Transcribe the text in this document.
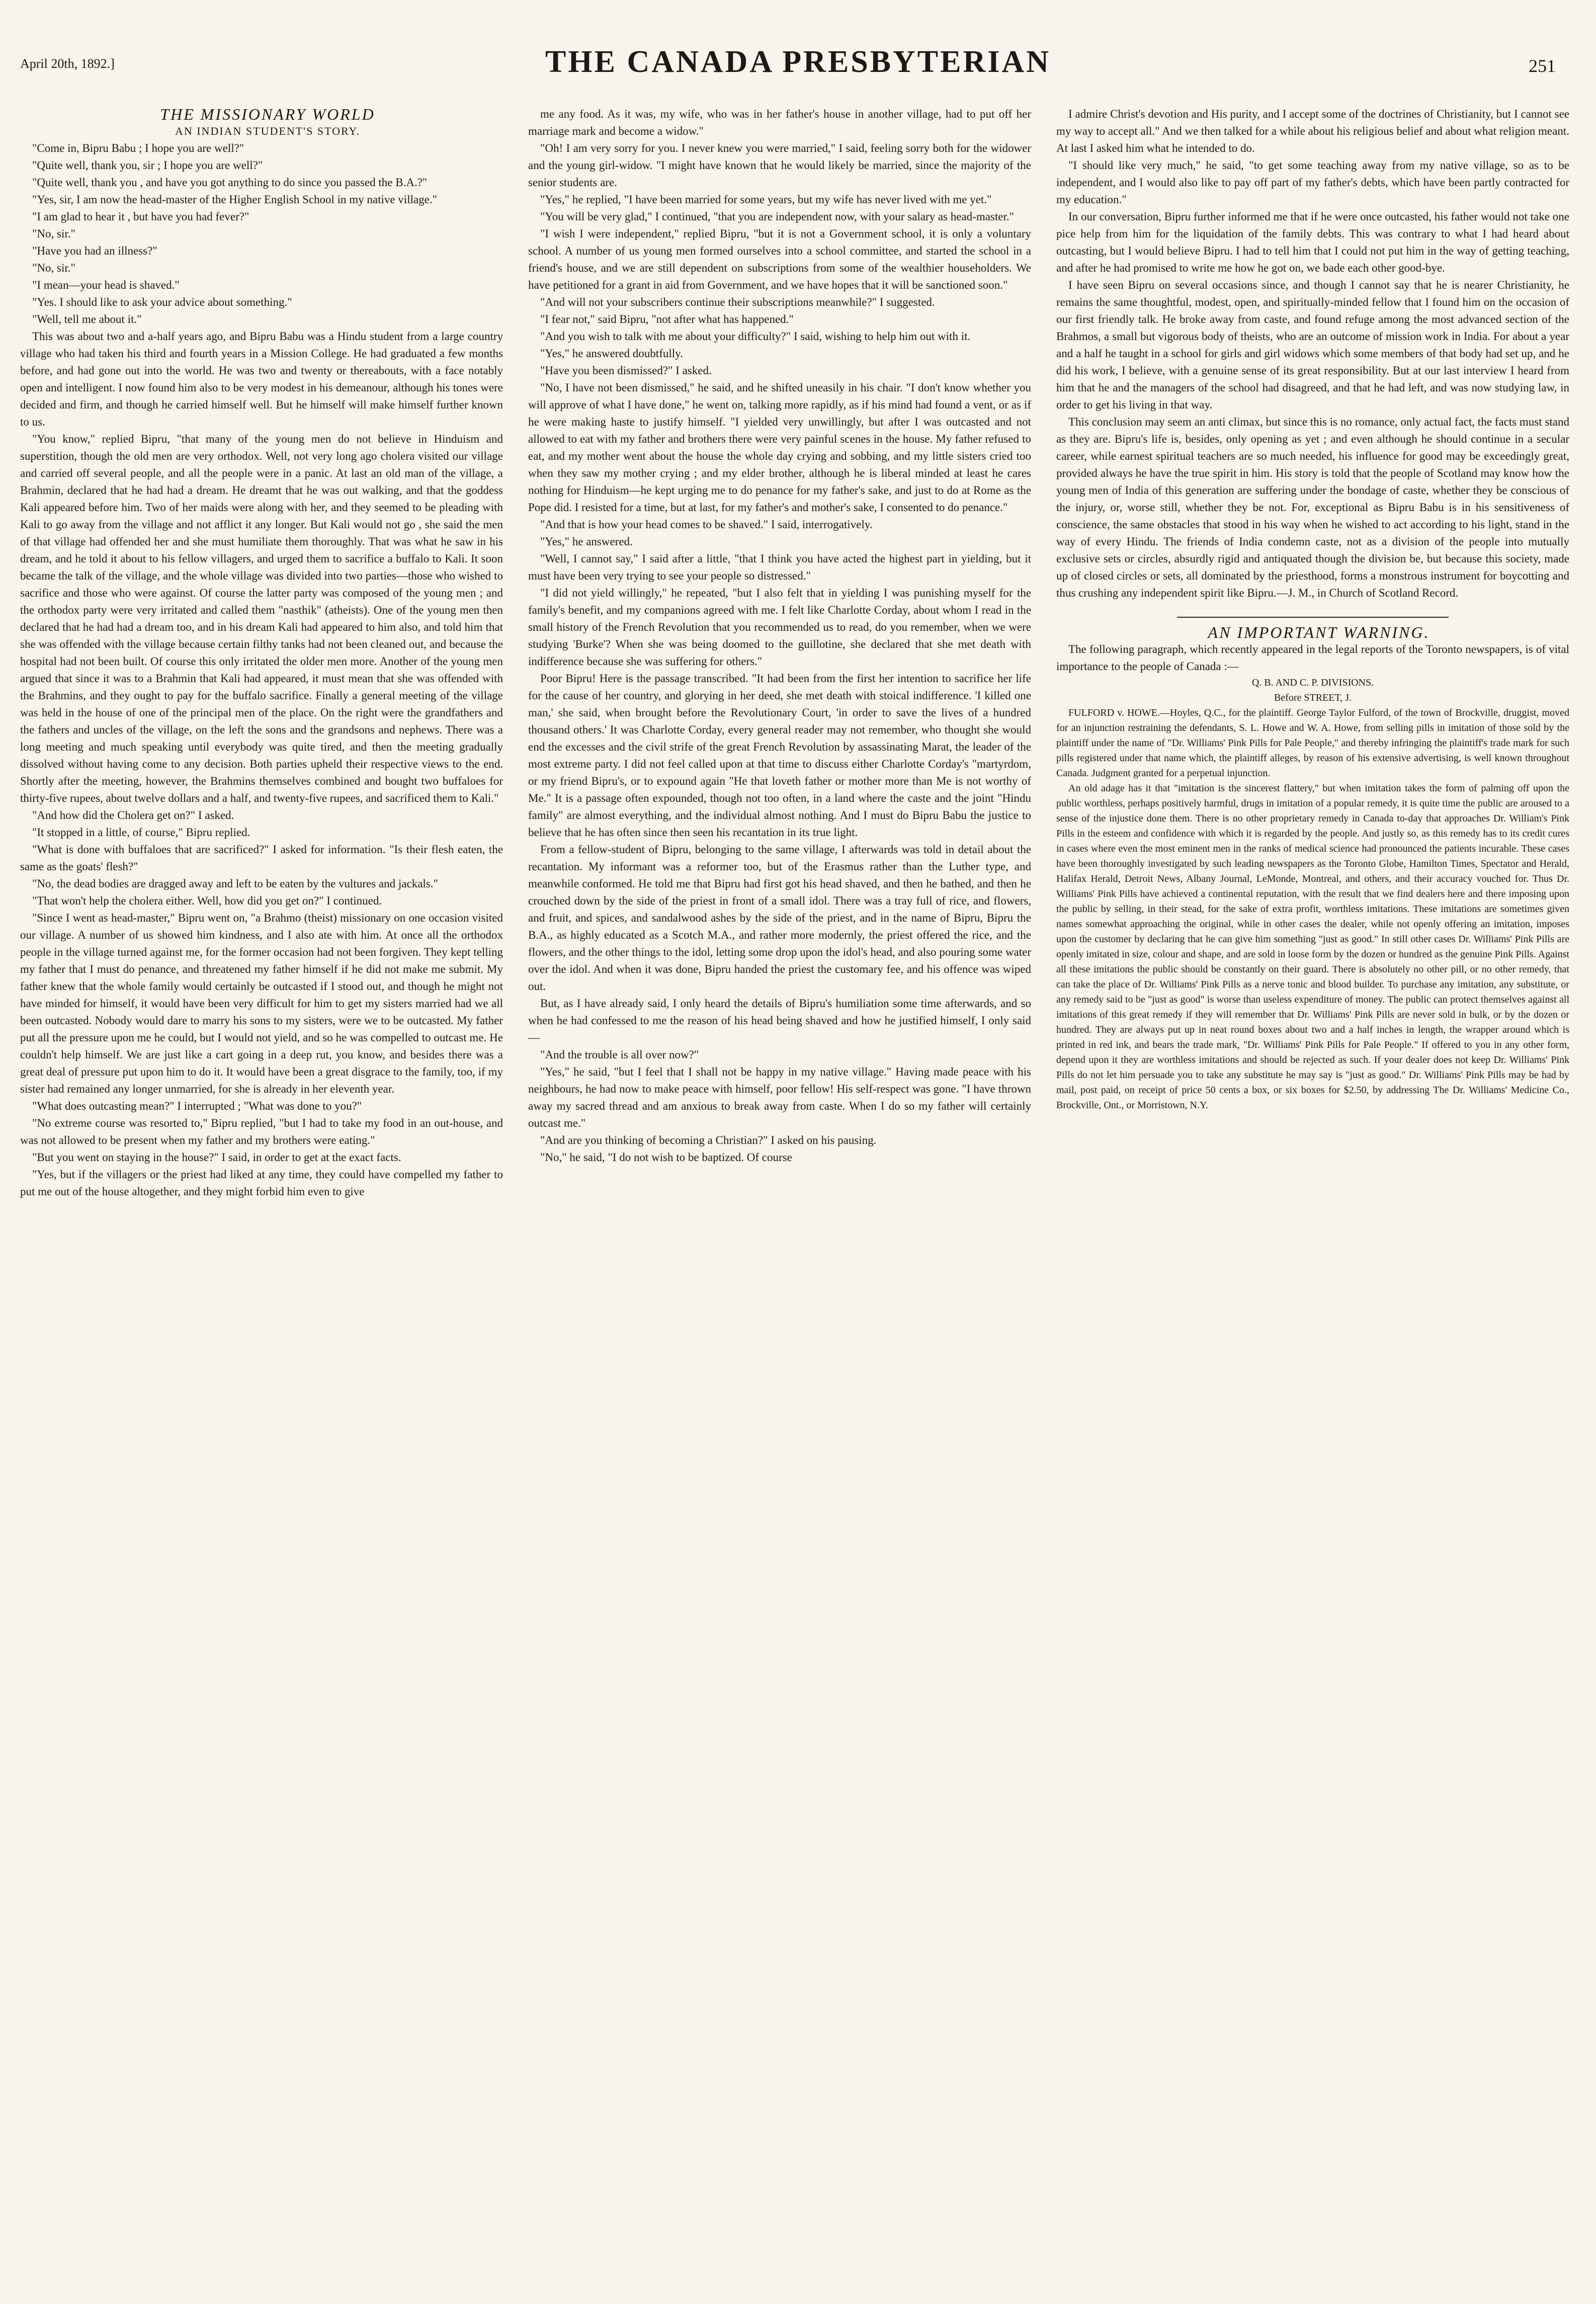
April 20th, 1892.]	THE CANADA PRESBYTERIAN	251

THE MISSIONARY WORLD

AN INDIAN STUDENT'S STORY.

"Come in, Bipru Babu ; I hope you are well?"

"Quite well, thank you, sir ; I hope you are well?"

"Quite well, thank you , and have you got anything to do since you passed the B.A.?"

"Yes, sir, I am now the head-master of the Higher English School in my native village."

"I am glad to hear it , but have you had fever?"

"No, sir."

"Have you had an illness?"

"No, sir."

"I mean—your head is shaved."

"Yes. I should like to ask your advice about something."

"Well, tell me about it."

This was about two and a-half years ago, and Bipru Babu was a Hindu student from a large country village who had taken his third and fourth years in a Mission College. He had graduated a few months before, and had gone out into the world. He was two and twenty or thereabouts, with a face notably open and intelligent. I now found him also to be very modest in his demeanour, although his tones were decided and firm, and though he carried himself well. But he himself will make himself further known to us.

"You know," replied Bipru, "that many of the young men do not believe in Hinduism and superstition, though the old men are very orthodox. Well, not very long ago cholera visited our village and carried off several people, and all the people were in a panic. At last an old man of the village, a Brahmin, declared that he had had a dream. He dreamt that he was out walking, and that the goddess Kali appeared before him. Two of her maids were along with her, and they seemed to be pleading with Kali to go away from the village and not afflict it any longer. But Kali would not go , she said the men of that village had offended her and she must humiliate them thoroughly. That was what he saw in his dream, and he told it about to his fellow villagers, and urged them to sacrifice a buffalo to Kali. It soon became the talk of the village, and the whole village was divided into two parties—those who wished to sacrifice and those who were against. Of course the latter party was composed of the young men ; and the orthodox party were very irritated and called them "nasthik" (atheists). One of the young men then declared that he had had a dream too, and in his dream Kali had appeared to him also, and told him that she was offended with the village because certain filthy tanks had not been cleaned out, and because the hospital had not been built. Of course this only irritated the older men more. Another of the young men argued that since it was to a Brahmin that Kali had appeared, it must mean that she was offended with the Brahmins, and they ought to pay for the buffalo sacrifice. Finally a general meeting of the village was held in the house of one of the principal men of the place. On the right were the grandfathers and the fathers and uncles of the village, on the left the sons and the grandsons and nephews. There was a long meeting and much speaking until everybody was quite tired, and then the meeting gradually dissolved without having come to any decision. Both parties upheld their respective views to the end. Shortly after the meeting, however, the Brahmins themselves combined and bought two buffaloes for thirty-five rupees, about twelve dollars and a half, and twenty-five rupees, and sacrificed them to Kali."

"And how did the Cholera get on?" I asked.

"It stopped in a little, of course," Bipru replied.

"What is done with buffaloes that are sacrificed?" I asked for information. "Is their flesh eaten, the same as the goats' flesh?"

"No, the dead bodies are dragged away and left to be eaten by the vultures and jackals."

"That won't help the cholera either. Well, how did you get on?" I continued.

"Since I went as head-master," Bipru went on, "a Brahmo (theist) missionary on one occasion visited our village. A number of us showed him kindness, and I also ate with him. At once all the orthodox people in the village turned against me, for the former occasion had not been forgiven. They kept telling my father that I must do penance, and threatened my father himself if he did not make me submit. My father knew that the whole family would certainly be outcasted if I stood out, and though he might not have minded for himself, it would have been very difficult for him to get my sisters married had we all been outcasted. Nobody would dare to marry his sons to my sisters, were we to be outcasted. My father put all the pressure upon me he could, but I would not yield, and so he was compelled to outcast me. He couldn't help himself. We are just like a cart going in a deep rut, you know, and besides there was a great deal of pressure put upon him to do it. It would have been a great disgrace to the family, too, if my sister had remained any longer unmarried, for she is already in her eleventh year.

"What does outcasting mean?" I interrupted ; "What was done to you?"

"No extreme course was resorted to," Bipru replied, "but I had to take my food in an out-house, and was not allowed to be present when my father and my brothers were eating."

"But you went on staying in the house?" I said, in order to get at the exact facts.

"Yes, but if the villagers or the priest had liked at any time, they could have compelled my father to put me out of the house altogether, and they might forbid him even to give

me any food. As it was, my wife, who was in her father's house in another village, had to put off her marriage mark and become a widow."

"Oh! I am very sorry for you. I never knew you were married," I said, feeling sorry both for the widower and the young girl-widow. "I might have known that he would likely be married, since the majority of the senior students are.

"Yes," he replied, "I have been married for some years, but my wife has never lived with me yet."

"You will be very glad," I continued, "that you are independent now, with your salary as head-master."

"I wish I were independent," replied Bipru, "but it is not a Government school, it is only a voluntary school. A number of us young men formed ourselves into a school committee, and started the school in a friend's house, and we are still dependent on subscriptions from some of the wealthier householders. We have petitioned for a grant in aid from Government, and we have hopes that it will be sanctioned soon."

"And will not your subscribers continue their subscriptions meanwhile?" I suggested.

"I fear not," said Bipru, "not after what has happened."

"And you wish to talk with me about your difficulty?" I said, wishing to help him out with it.

"Yes," he answered doubtfully.

"Have you been dismissed?" I asked.

"No, I have not been dismissed," he said, and he shifted uneasily in his chair. "I don't know whether you will approve of what I have done," he went on, talking more rapidly, as if his mind had found a vent, or as if he were making haste to justify himself. "I yielded very unwillingly, but after I was outcasted and not allowed to eat with my father and brothers there were very painful scenes in the house. My father refused to eat, and my mother went about the house the whole day crying and sobbing, and my little sisters cried too when they saw my mother crying ; and my elder brother, although he is liberal minded at least he cares nothing for Hinduism—he kept urging me to do penance for my father's sake, and just to do at Rome as the Pope did. I resisted for a time, but at last, for my father's and mother's sake, I consented to do penance."

"And that is how your head comes to be shaved." I said, interrogatively.

"Yes," he answered.

"Well, I cannot say," I said after a little, "that I think you have acted the highest part in yielding, but it must have been very trying to see your people so distressed."

"I did not yield willingly," he repeated, "but I also felt that in yielding I was punishing myself for the family's benefit, and my companions agreed with me. I felt like Charlotte Corday, about whom I read in the small history of the French Revolution that you recommended us to read, do you remember, when we were studying 'Burke'? When she was being doomed to the guillotine, she declared that she met death with indifference because she was suffering for others."

Poor Bipru! Here is the passage transcribed. "It had been from the first her intention to sacrifice her life for the cause of her country, and glorying in her deed, she met death with stoical indifference. 'I killed one man,' she said, when brought before the Revolutionary Court, 'in order to save the lives of a hundred thousand others.' It was Charlotte Corday, every general reader may not remember, who thought she would end the excesses and the civil strife of the great French Revolution by assassinating Marat, the leader of the most extreme party. I did not feel called upon at that time to discuss either Charlotte Corday's "martyrdom, or my friend Bipru's, or to expound again "He that loveth father or mother more than Me is not worthy of Me." It is a passage often expounded, though not too often, in a land where the caste and the joint "Hindu family" are almost everything, and the individual almost nothing. And I must do Bipru Babu the justice to believe that he has often since then seen his recantation in its true light.

From a fellow-student of Bipru, belonging to the same village, I afterwards was told in detail about the recantation. My informant was a reformer too, but of the Erasmus rather than the Luther type, and meanwhile conformed. He told me that Bipru had first got his head shaved, and then he bathed, and then he crouched down by the side of the priest in front of a small idol. There was a tray full of rice, and flowers, and fruit, and spices, and sandalwood ashes by the side of the priest, and in the name of Bipru, Bipru the B.A., as highly educated as a Scotch M.A., and rather more modernly, the priest offered the rice, and the flowers, and the other things to the idol, letting some drop upon the idol's head, and also pouring some water over the idol. And when it was done, Bipru handed the priest the customary fee, and his offence was wiped out.

But, as I have already said, I only heard the details of Bipru's humiliation some time afterwards, and so when he had confessed to me the reason of his head being shaved and how he justified himself, I only said—

"And the trouble is all over now?"

"Yes," he said, "but I feel that I shall not be happy in my native village." Having made peace with his neighbours, he had now to make peace with himself, poor fellow! His self-respect was gone. "I have thrown away my sacred thread and am anxious to break away from caste. When I do so my father will certainly outcast me."

"And are you thinking of becoming a Christian?" I asked on his pausing.

"No," he said, "I do not wish to be baptized. Of course

I admire Christ's devotion and His purity, and I accept some of the doctrines of Christianity, but I cannot see my way to accept all." And we then talked for a while about his religious belief and about what religion meant. At last I asked him what he intended to do.

"I should like very much," he said, "to get some teaching away from my native village, so as to be independent, and I would also like to pay off part of my father's debts, which have been partly contracted for my education."

In our conversation, Bipru further informed me that if he were once outcasted, his father would not take one pice help from him for the liquidation of the family debts. This was contrary to what I had heard about outcasting, but I would believe Bipru. I had to tell him that I could not put him in the way of getting teaching, and after he had promised to write me how he got on, we bade each other good-bye.

I have seen Bipru on several occasions since, and though I cannot say that he is nearer Christianity, he remains the same thoughtful, modest, open, and spiritually-minded fellow that I found him on the occasion of our first friendly talk. He broke away from caste, and found refuge among the most advanced section of the Brahmos, a small but vigorous body of theists, who are an outcome of mission work in India. For about a year and a half he taught in a school for girls and girl widows which some members of that body had set up, and he did his work, I believe, with a genuine sense of its great responsibility. But at our last interview I heard from him that he and the managers of the school had disagreed, and that he had left, and was now studying law, in order to get his living in that way.

This conclusion may seem an anti climax, but since this is no romance, only actual fact, the facts must stand as they are. Bipru's life is, besides, only opening as yet ; and even although he should continue in a secular career, while earnest spiritual teachers are so much needed, his influence for good may be exceedingly great, provided always he have the true spirit in him. His story is told that the people of Scotland may know how the young men of India of this generation are suffering under the bondage of caste, whether they be conscious of the injury, or, worse still, whether they be not. For, exceptional as Bipru Babu is in his sensitiveness of conscience, the same obstacles that stood in his way when he wished to act according to his light, stand in the way of every Hindu. The friends of India condemn caste, not as a division of the people into mutually exclusive sets or circles, absurdly rigid and antiquated though the division be, but because this society, made up of closed circles or sets, all dominated by the priesthood, forms a monstrous instrument for boycotting and thus crushing any independent spirit like Bipru.—J. M., in Church of Scotland Record.

AN IMPORTANT WARNING.

The following paragraph, which recently appeared in the legal reports of the Toronto newspapers, is of vital importance to the people of Canada :—

Q. B. AND C. P. DIVISIONS.

Before STREET, J.

FULFORD v. HOWE.—Hoyles, Q.C., for the plaintiff. George Taylor Fulford, of the town of Brockville, druggist, moved for an injunction restraining the defendants, S. L. Howe and W. A. Howe, from selling pills in imitation of those sold by the plaintiff under the name of "Dr. Williams' Pink Pills for Pale People," and thereby infringing the plaintiff's trade mark for such pills registered under that name which, the plaintiff alleges, by reason of his extensive advertising, is well known throughout Canada. Judgment granted for a perpetual injunction.

An old adage has it that "imitation is the sincerest flattery," but when imitation takes the form of palming off upon the public worthless, perhaps positively harmful, drugs in imitation of a popular remedy, it is quite time the public are aroused to a sense of the injustice done them. There is no other proprietary remedy in Canada to-day that approaches Dr. William's Pink Pills in the esteem and confidence with which it is regarded by the people. And justly so, as this remedy has to its credit cures in cases where even the most eminent men in the ranks of medical science had pronounced the patients incurable. These cases have been thoroughly investigated by such leading newspapers as the Toronto Globe, Hamilton Times, Spectator and Herald, Halifax Herald, Detroit News, Albany Journal, LeMonde, Montreal, and others, and their accuracy vouched for. Thus Dr. Williams' Pink Pills have achieved a continental reputation, with the result that we find dealers here and there imposing upon the public by selling, in their stead, for the sake of extra profit, worthless imitations. These imitations are sometimes given names somewhat approaching the original, while in other cases the dealer, while not openly offering an imitation, imposes upon the customer by declaring that he can give him something "just as good." In still other cases Dr. Williams' Pink Pills are openly imitated in size, colour and shape, and are sold in loose form by the dozen or hundred as the genuine Pink Pills. Against all these imitations the public should be constantly on their guard. There is absolutely no other pill, or no other remedy, that can take the place of Dr. Williams' Pink Pills as a nerve tonic and blood builder. To purchase any imitation, any substitute, or any remedy said to be "just as good" is worse than useless expenditure of money. The public can protect themselves against all imitations of this great remedy if they will remember that Dr. Williams' Pink Pills are never sold in bulk, or by the dozen or hundred. They are always put up in neat round boxes about two and a half inches in length, the wrapper around which is printed in red ink, and bears the trade mark, "Dr. Williams' Pink Pills for Pale People." If offered to you in any other form, depend upon it they are worthless imitations and should be rejected as such. If your dealer does not keep Dr. Williams' Pink Pills do not let him persuade you to take any substitute he may say is "just as good." Dr. Williams' Pink Pills may be had by mail, post paid, on receipt of price 50 cents a box, or six boxes for $2.50, by addressing The Dr. Williams' Medicine Co., Brockville, Ont., or Morristown, N.Y.
